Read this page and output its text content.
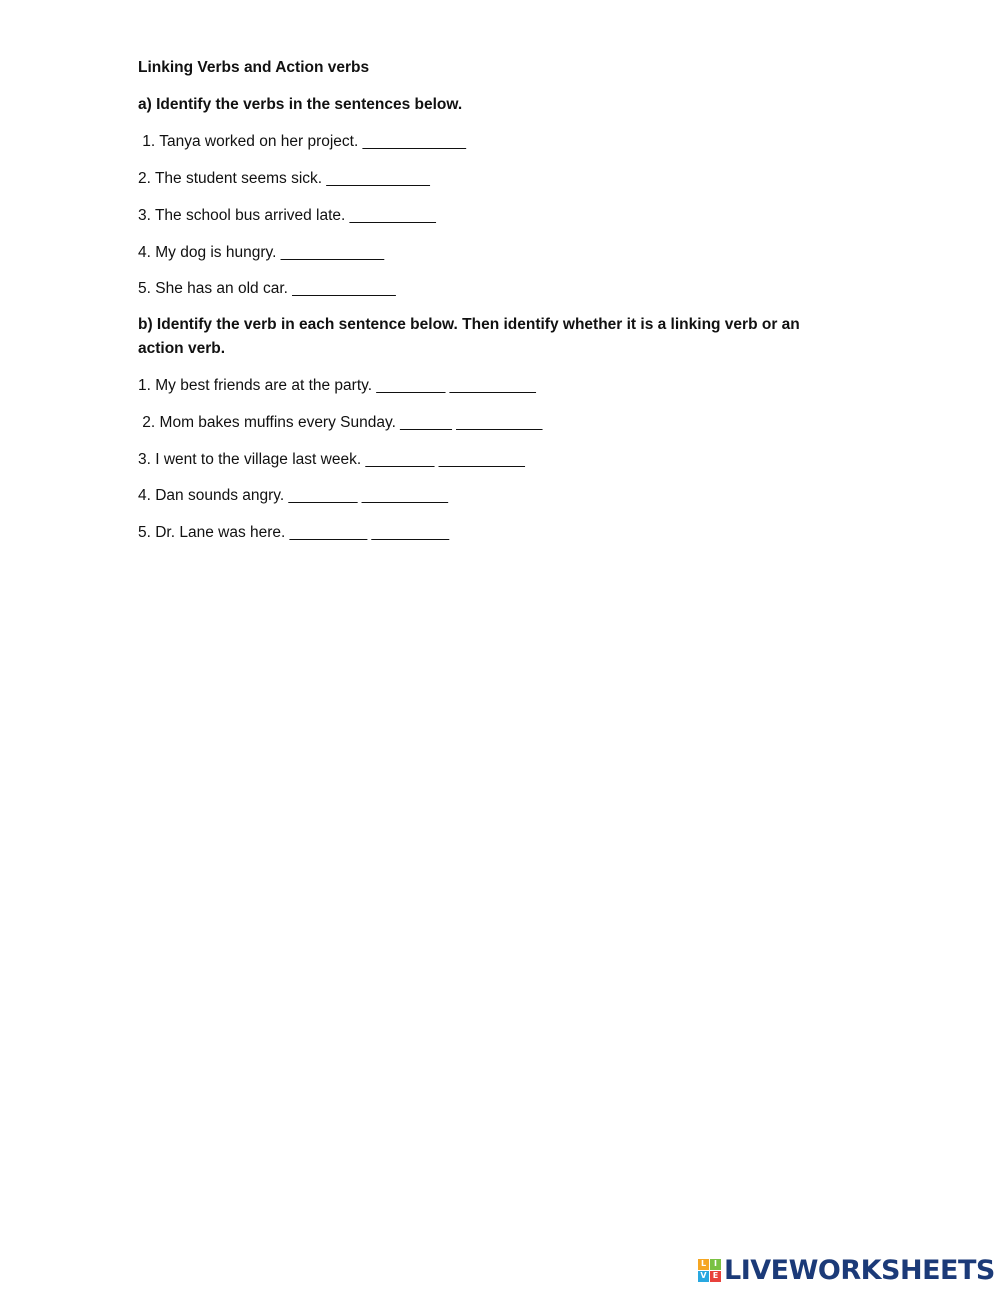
Linking Verbs and Action verbs
a) Identify the verbs in the sentences below.
1. Tanya worked on her project. ____________
2. The student seems sick. ____________
3. The school bus arrived late. __________
4. My dog is hungry. ____________
5. She has an old car. ____________
b) Identify the verb in each sentence below. Then identify whether it is a linking verb or an action verb.
1. My best friends are at the party. ________ __________
2. Mom bakes muffins every Sunday. ______ __________
3. I went to the village last week. ________ __________
4. Dan sounds angry. ________ __________
5. Dr. Lane was here. _________ _________
L I
V E LIVEWORKSHEETS
